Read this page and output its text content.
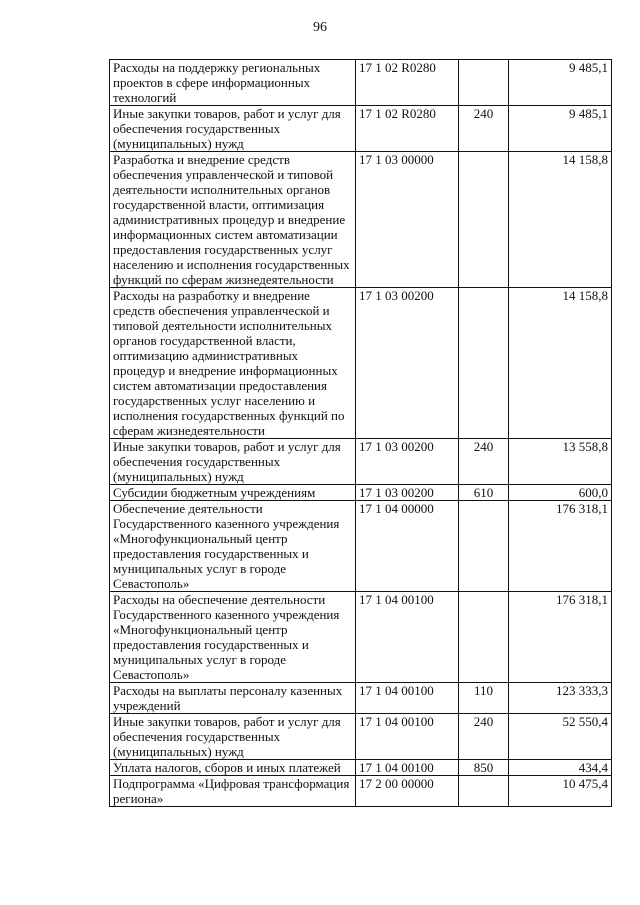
96
Расходы на поддержку региональных проектов в сфере информационных технологий	17 1 02 R0280		9 485,1
Иные закупки товаров, работ и услуг для обеспечения государственных (муниципальных) нужд	17 1 02 R0280	240	9 485,1
Разработка и внедрение средств обеспечения управленческой и типовой деятельности исполнительных органов государственной власти, оптимизация административных процедур и внедрение информационных систем автоматизации предоставления государственных услуг населению и исполнения государственных функций по сферам жизнедеятельности	17 1 03 00000		14 158,8
Расходы на разработку и внедрение средств обеспечения управленческой и типовой деятельности исполнительных органов государственной власти, оптимизацию административных процедур и внедрение информационных систем автоматизации предоставления государственных услуг населению и исполнения государственных функций по сферам жизнедеятельности	17 1 03 00200		14 158,8
Иные закупки товаров, работ и услуг для обеспечения государственных (муниципальных) нужд	17 1 03 00200	240	13 558,8
Субсидии бюджетным учреждениям	17 1 03 00200	610	600,0
Обеспечение деятельности Государственного казенного учреждения «Многофункциональный центр предоставления государственных и муниципальных услуг в городе Севастополь»	17 1 04 00000		176 318,1
Расходы на обеспечение деятельности Государственного казенного учреждения «Многофункциональный центр предоставления государственных и муниципальных услуг в городе Севастополь»	17 1 04 00100		176 318,1
Расходы на выплаты персоналу казенных учреждений	17 1 04 00100	110	123 333,3
Иные закупки товаров, работ и услуг для обеспечения государственных (муниципальных) нужд	17 1 04 00100	240	52 550,4
Уплата налогов, сборов и иных платежей	17 1 04 00100	850	434,4
Подпрограмма «Цифровая трансформация региона»	17 2 00 00000		10 475,4
